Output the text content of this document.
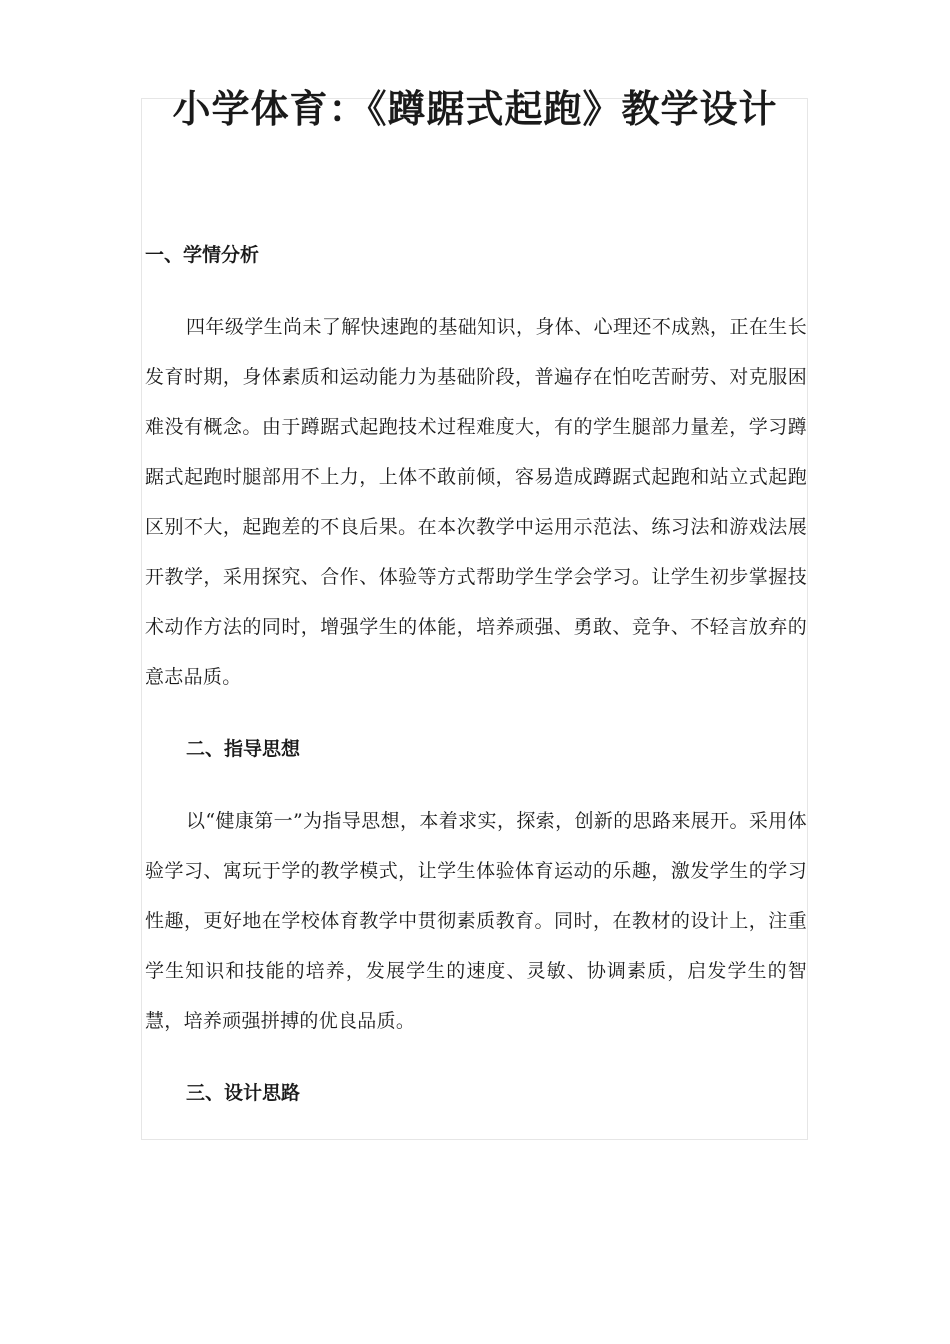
小学体育：《蹲踞式起跑》教学设计
一、学情分析

四年级学生尚未了解快速跑的基础知识，身体、心理还不成熟，正在生长发育时期，身体素质和运动能力为基础阶段，普遍存在怕吃苦耐劳、对克服困难没有概念。由于蹲踞式起跑技术过程难度大，有的学生腿部力量差，学习蹲踞式起跑时腿部用不上力，上体不敢前倾，容易造成蹲踞式起跑和站立式起跑区别不大，起跑差的不良后果。在本次教学中运用示范法、练习法和游戏法展开教学，采用探究、合作、体验等方式帮助学生学会学习。让学生初步掌握技术动作方法的同时，增强学生的体能，培养顽强、勇敢、竞争、不轻言放弃的意志品质。

二、指导思想

以“健康第一”为指导思想，本着求实，探索，创新的思路来展开。采用体验学习、寓玩于学的教学模式，让学生体验体育运动的乐趣，激发学生的学习性趣，更好地在学校体育教学中贯彻素质教育。同时，在教材的设计上，注重学生知识和技能的培养，发展学生的速度、灵敏、协调素质，启发学生的智慧，培养顽强拼搏的优良品质。

三、设计思路
